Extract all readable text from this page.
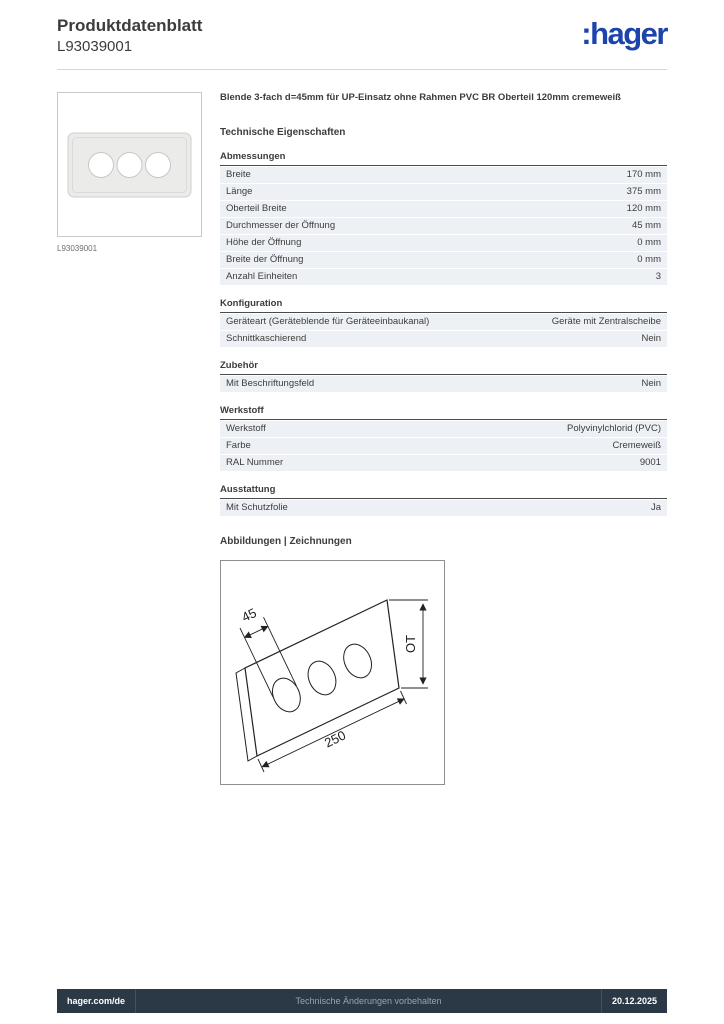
Produktdatenblatt
L93039001	:hager
L93039001
Blende 3-fach d=45mm für UP-Einsatz ohne Rahmen PVC BR Oberteil 120mm cremeweiß
Technische Eigenschaften
Abmessungen
Breite	170 mm
Länge	375 mm
Oberteil Breite	120 mm
Durchmesser der Öffnung	45 mm
Höhe der Öffnung	0 mm
Breite der Öffnung	0 mm
Anzahl Einheiten	3
Konfiguration
Geräteart (Geräteblende für Geräteeinbaukanal)	Geräte mit Zentralscheibe
Schnittkaschierend	Nein
Zubehör
Mit Beschriftungsfeld	Nein
Werkstoff
Werkstoff	Polyvinylchlorid (PVC)
Farbe	Cremeweiß
RAL Nummer	9001
Ausstattung
Mit Schutzfolie	Ja
Abbildungen | Zeichnungen
45
OT
250
hager.com/de	Technische Änderungen vorbehalten	20.12.2025
